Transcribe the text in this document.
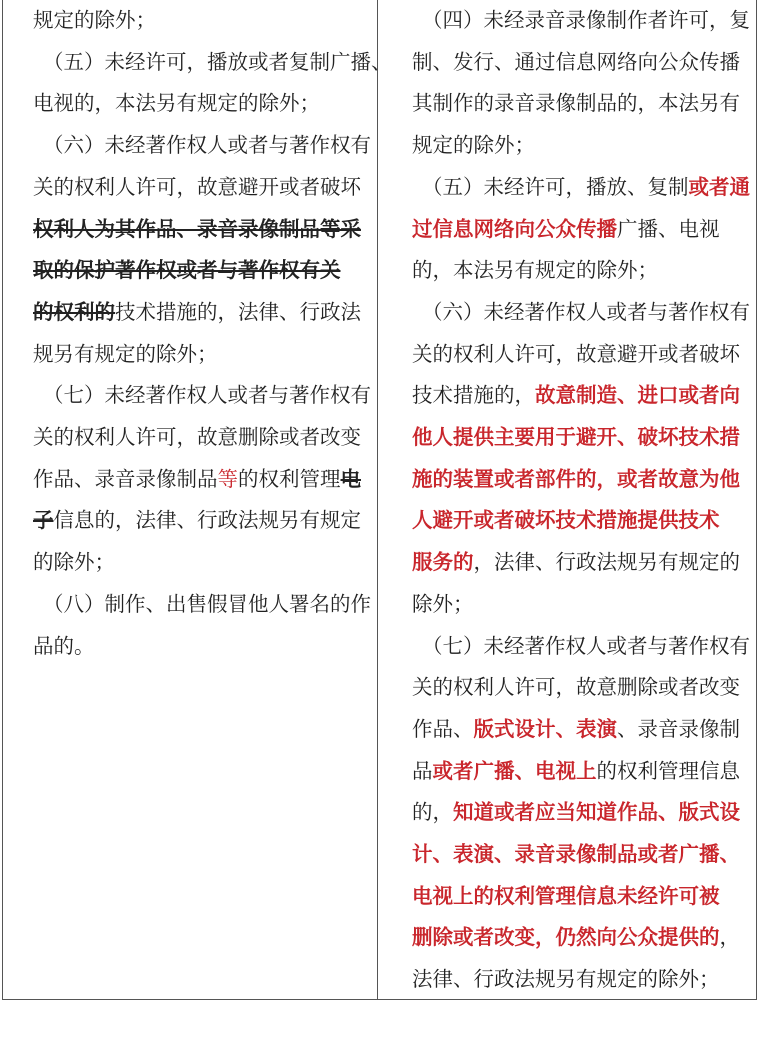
规定的除外；

（五）未经许可，播放或者复制广播、

电视的，本法另有规定的除外；

（六）未经著作权人或者与著作权有

关的权利人许可，故意避开或者破坏

权利人为其作品、录音录像制品等采

取的保护著作权或者与著作权有关

的权利的技术措施的，法律、行政法

规另有规定的除外；

（七）未经著作权人或者与著作权有

关的权利人许可，故意删除或者改变

作品、录音录像制品等的权利管理电

子信息的，法律、行政法规另有规定

的除外；

（八）制作、出售假冒他人署名的作

品的。

（四）未经录音录像制作者许可，复

制、发行、通过信息网络向公众传播

其制作的录音录像制品的，本法另有

规定的除外；

（五）未经许可，播放、复制或者通

过信息网络向公众传播广播、电视

的，本法另有规定的除外；

（六）未经著作权人或者与著作权有

关的权利人许可，故意避开或者破坏

技术措施的，故意制造、进口或者向

他人提供主要用于避开、破坏技术措

施的装置或者部件的，或者故意为他

人避开或者破坏技术措施提供技术

服务的，法律、行政法规另有规定的

除外；

（七）未经著作权人或者与著作权有

关的权利人许可，故意删除或者改变

作品、版式设计、表演、录音录像制

品或者广播、电视上的权利管理信息

的，知道或者应当知道作品、版式设

计、表演、录音录像制品或者广播、

电视上的权利管理信息未经许可被

删除或者改变，仍然向公众提供的，

法律、行政法规另有规定的除外；
